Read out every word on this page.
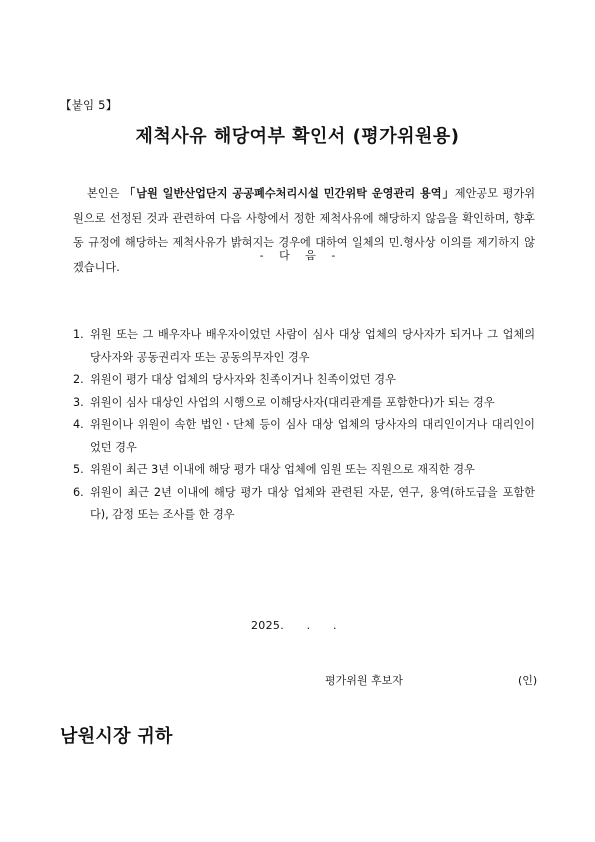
【붙임 5】
제척사유 해당여부 확인서 (평가위원용)

본인은 「남원 일반산업단지 공공폐수처리시설 민간위탁 운영관리 용역」제안공모 평가위원으로 선정된 것과 관련하여 다음 사항에서 정한 제척사유에 해당하지 않음을 확인하며, 향후 동 규정에 해당하는 제척사유가 밝혀지는 경우에 대하여 일체의 민.형사상 이의를 제기하지 않겠습니다.

- 다 음 -
1. 위원 또는 그 배우자나 배우자이었던 사람이 심사 대상 업체의 당사자가 되거나 그 업체의 당사자와 공동권리자 또는 공동의무자인 경우
2. 위원이 평가 대상 업체의 당사자와 친족이거나 친족이었던 경우
3. 위원이 심사 대상인 사업의 시행으로 이해당사자(대리관계를 포함한다)가 되는 경우
4. 위원이나 위원이 속한 법인ㆍ단체 등이 심사 대상 업체의 당사자의 대리인이거나 대리인이었던 경우
5. 위원이 최근 3년 이내에 해당 평가 대상 업체에 임원 또는 직원으로 재직한 경우
6. 위원이 최근 2년 이내에 해당 평가 대상 업체와 관련된 자문, 연구, 용역(하도급을 포함한다), 감정 또는 조사를 한 경우
2025.　　.　　.
평가위원 후보자	(인)
남원시장 귀하
